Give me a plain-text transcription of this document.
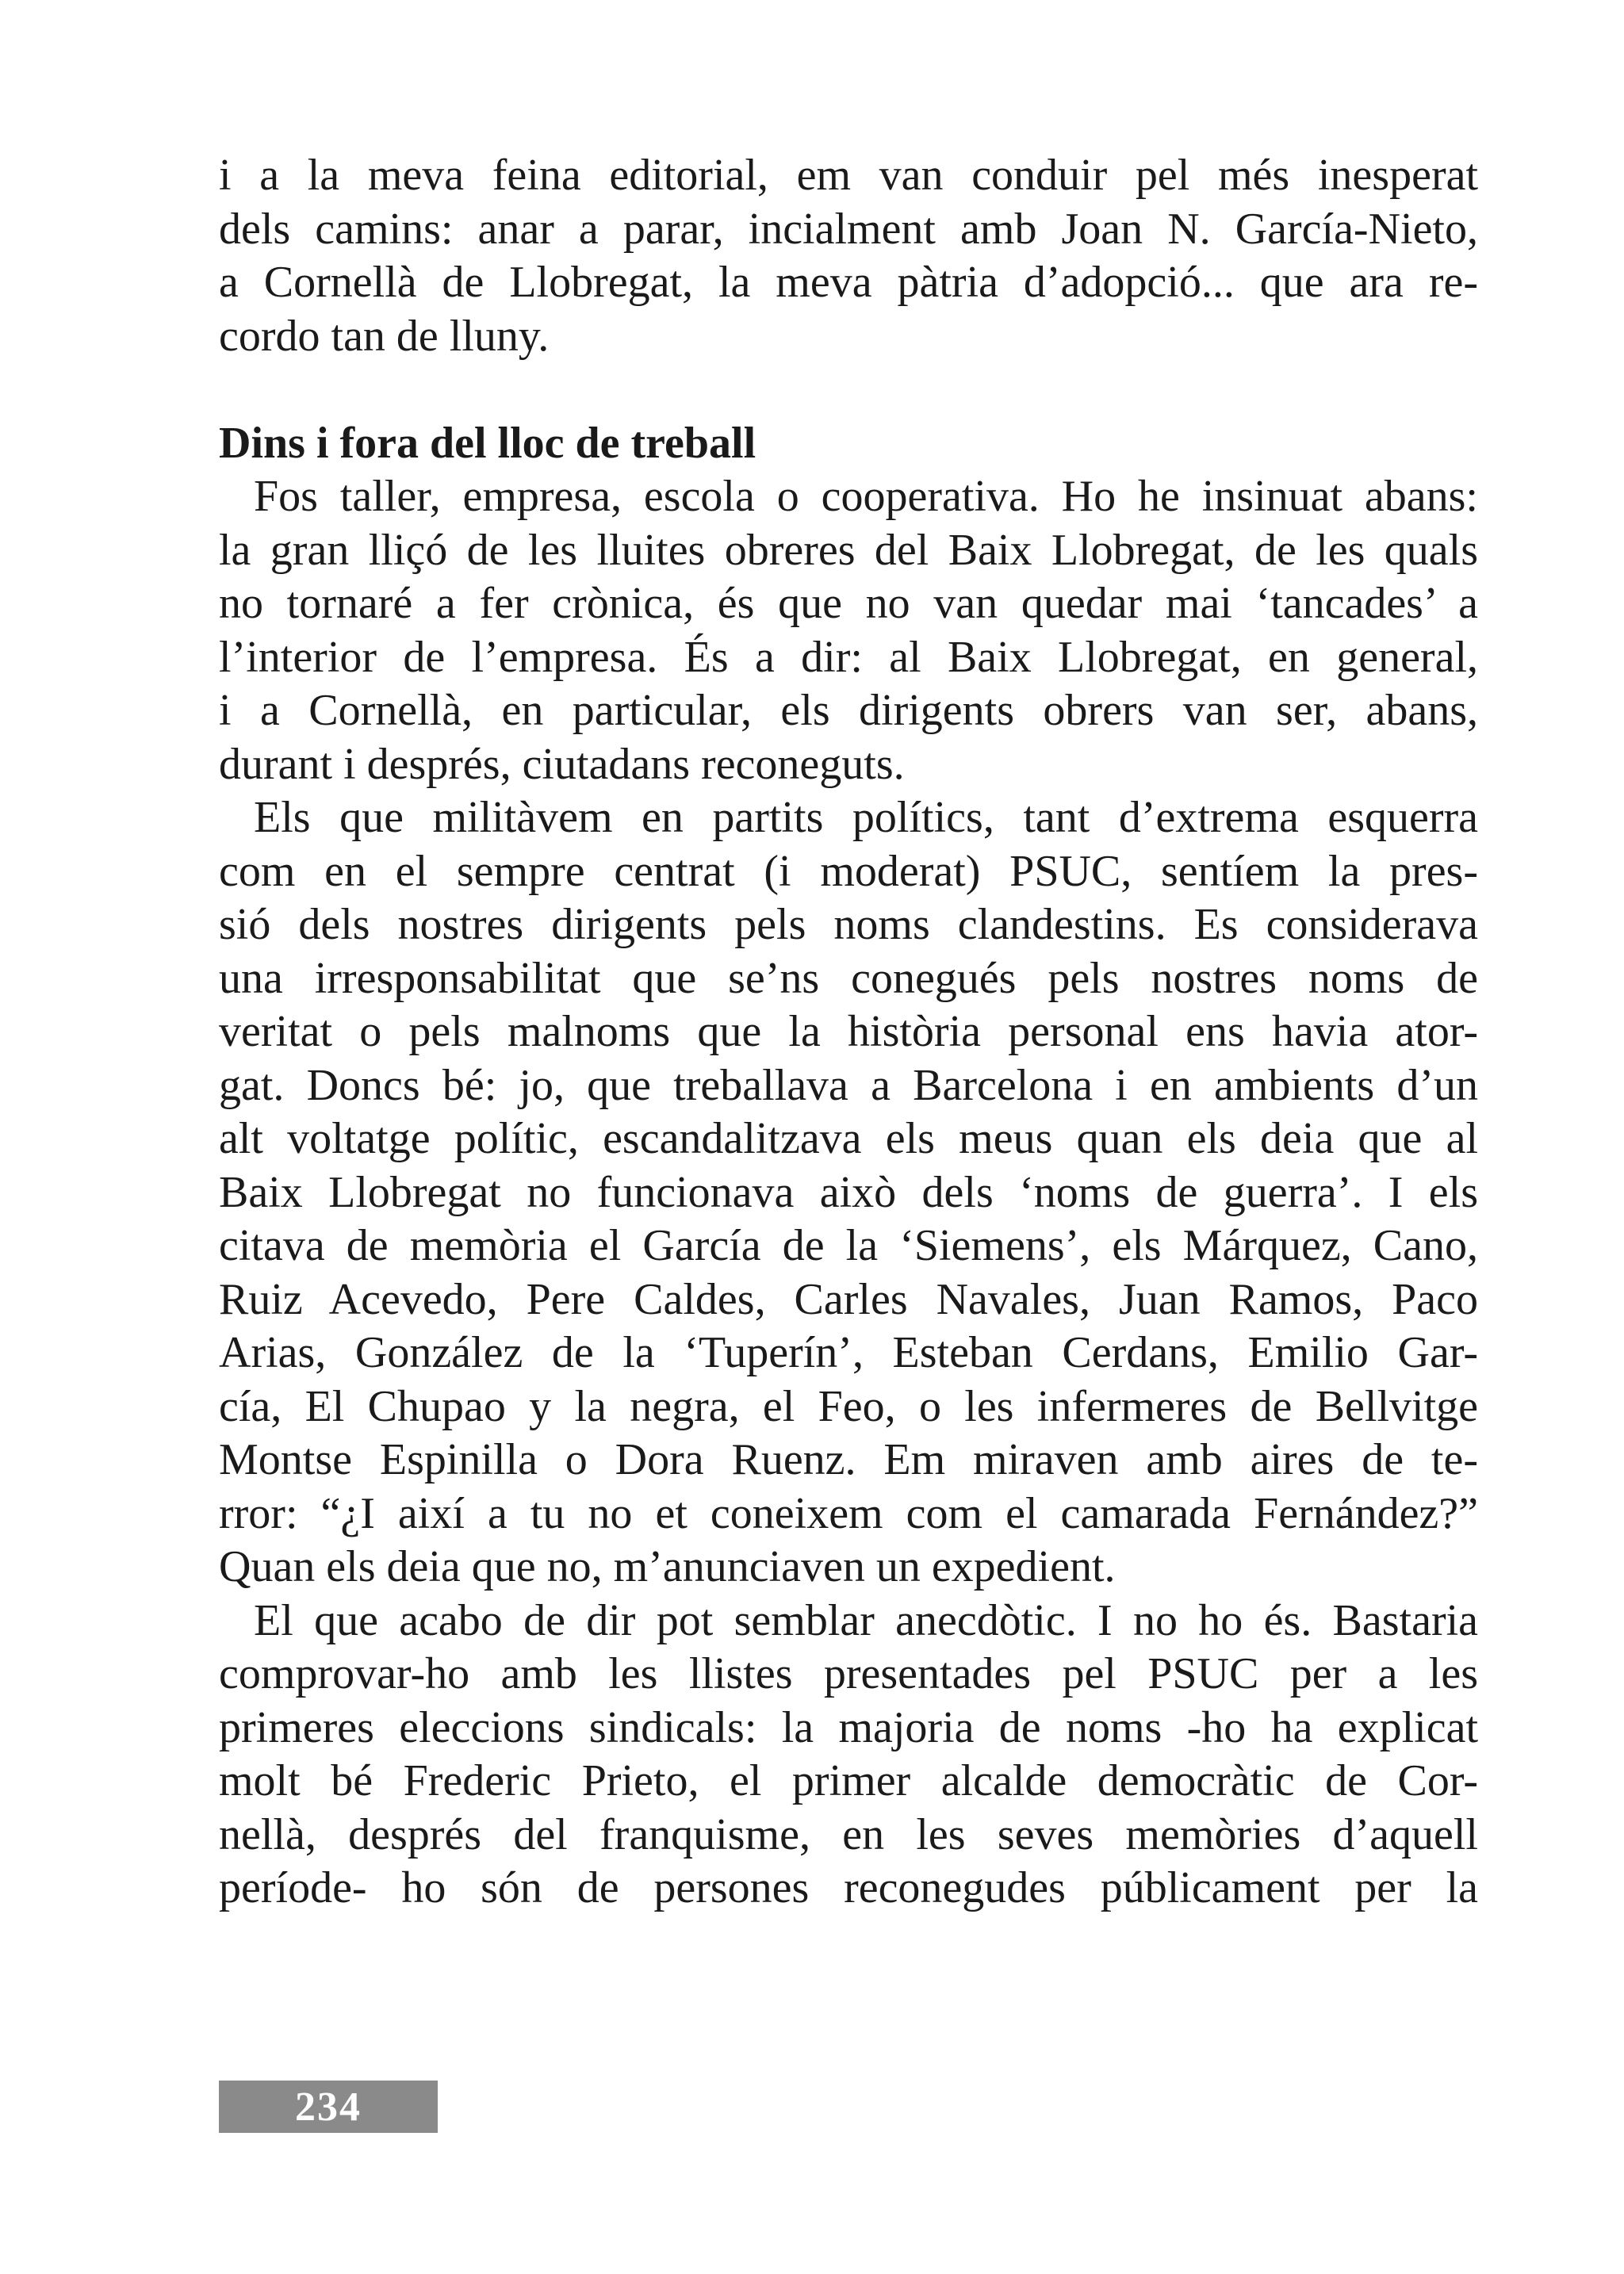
i a la meva feina editorial, em van conduir pel més inesperat
dels camins: anar a parar, incialment amb Joan N. García-Nieto,
a Cornellà de Llobregat, la meva pàtria d’adopció... que ara re-
cordo tan de lluny.
Dins i fora del lloc de treball
Fos taller, empresa, escola o cooperativa. Ho he insinuat abans:
la gran lliçó de les lluites obreres del Baix Llobregat, de les quals
no tornaré a fer crònica, és que no van quedar mai ‘tancades’ a
l’interior de l’empresa. És a dir: al Baix Llobregat, en general,
i a Cornellà, en particular, els dirigents obrers van ser, abans,
durant i després, ciutadans reconeguts.
Els que militàvem en partits polítics, tant d’extrema esquerra
com en el sempre centrat (i moderat) PSUC, sentíem la pres-
sió dels nostres dirigents pels noms clandestins. Es considerava
una irresponsabilitat que se’ns conegués pels nostres noms de
veritat o pels malnoms que la història personal ens havia ator-
gat. Doncs bé: jo, que treballava a Barcelona i en ambients d’un
alt voltatge polític, escandalitzava els meus quan els deia que al
Baix Llobregat no funcionava això dels ‘noms de guerra’. I els
citava de memòria el García de la ‘Siemens’, els Márquez, Cano,
Ruiz Acevedo, Pere Caldes, Carles Navales, Juan Ramos, Paco
Arias, González de la ‘Tuperín’, Esteban Cerdans, Emilio Gar-
cía, El Chupao y la negra, el Feo, o les infermeres de Bellvitge
Montse Espinilla o Dora Ruenz. Em miraven amb aires de te-
rror: “¿I així a tu no et coneixem com el camarada Fernández?”
Quan els deia que no, m’anunciaven un expedient.
El que acabo de dir pot semblar anecdòtic. I no ho és. Bastaria
comprovar-ho amb les llistes presentades pel PSUC per a les
primeres eleccions sindicals: la majoria de noms -ho ha explicat
molt bé Frederic Prieto, el primer alcalde democràtic de Cor-
nellà, després del franquisme, en les seves memòries d’aquell
període- ho són de persones reconegudes públicament per la
234
